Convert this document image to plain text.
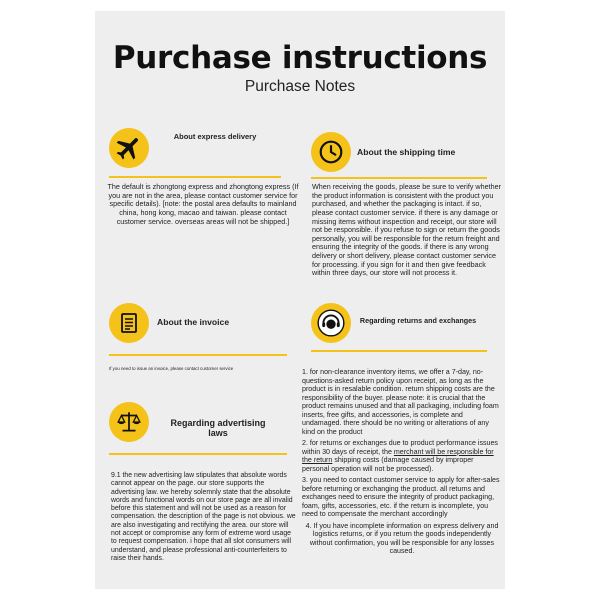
Purchase instructions
Purchase Notes
About express delivery
The default is zhongtong express and zhongtong express (If you are not in the area, please contact customer service for specific details). [note: the postal area defaults to mainland china, hong kong, macao and taiwan. please contact customer service. overseas areas will not be shipped.]
About the shipping time
When receiving the goods, please be sure to verify whether the product information is consistent with the product you purchased, and whether the packaging is intact. if so, please contact customer service. if there is any damage or missing items without inspection and receipt, our store will not be responsible. if you refuse to sign or return the goods personally, you will be responsible for the return freight and ensuring the integrity of the goods. if there is any wrong delivery or short delivery, please contact customer service for processing. if you sign for it and then give feedback within three days, our store will not process it.
About the invoice
If you need to issue an invoice, please contact customer service
Regarding returns and exchanges
1. for non-clearance inventory items, we offer a 7-day, no-questions-asked return policy upon receipt, as long as the product is in resalable condition. return shipping costs are the responsibility of the buyer. please note: it is crucial that the product remains unused and that all packaging, including foam inserts, free gifts, and accessories, is complete and undamaged. there should be no writing or alterations of any kind on the product
2. for returns or exchanges due to product performance issues within 30 days of receipt, the merchant will be responsible for the return shipping costs (damage caused by improper personal operation will not be processed).
3. you need to contact customer service to apply for after-sales before returning or exchanging the product. all returns and exchanges need to ensure the integrity of product packaging, foam, gifts, accessories, etc. if the return is incomplete, you need to compensate the merchant accordingly
4. If you have incomplete information on express delivery and logistics returns, or if you return the goods independently without confirmation, you will be responsible for any losses caused.
Regarding advertising laws
9.1 the new advertising law stipulates that absolute words cannot appear on the page. our store supports the advertising law. we hereby solemnly state that the absolute words and functional words on our store page are all invalid before this statement and will not be used as a reason for compensation. the description of the page is not obvious. we are also investigating and rectifying the area. our store will not accept or compromise any form of extreme word usage to request compensation. i hope that all slot consumers will understand, and please professional anti-counterfeiters to raise their hands.
